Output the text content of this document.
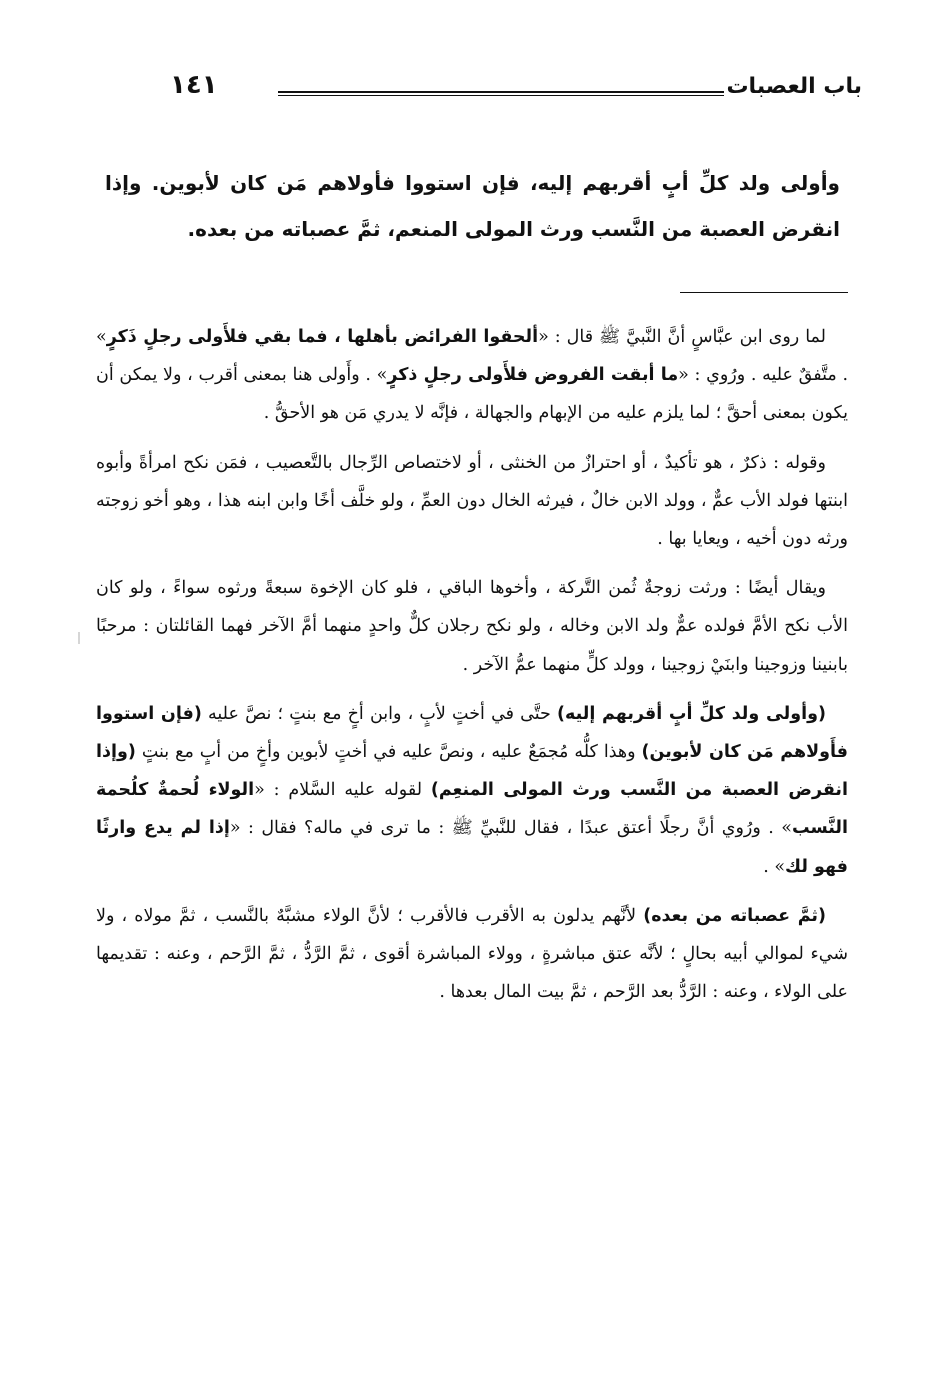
باب العصبات
١٤١
وأولى ولد كلِّ أبٍ أقربهم إليه، فإن استووا فأولاهم مَن كان لأبوين. وإذا انقرض العصبة من النَّسب ورث المولى المنعم، ثمَّ عصباته من بعده.

لما روى ابن عبَّاسٍ أنَّ النَّبيَّ ﷺ قال : «ألحقوا الفرائض بأهلها ، فما بقي فلأَولى رجلٍ ذَكرٍ» . متَّفقٌ عليه . ورُوي : «ما أبقت الفروض فلأَولى رجلٍ ذكرٍ» . وأَولى هنا بمعنى أقرب ، ولا يمكن أن يكون بمعنى أحقَّ ؛ لما يلزم عليه من الإبهام والجهالة ، فإنَّه لا يدري مَن هو الأحقُّ .

وقوله : ذكرٌ ، هو تأكيدٌ ، أو احترازٌ من الخنثى ، أو لاختصاص الرِّجال بالتَّعصيب ، فمَن نكح امرأةً وأبوه ابنتها فولد الأب عمٌّ ، وولد الابن خالٌ ، فيرثه الخال دون العمِّ ، ولو خلَّف أخًا وابن ابنه هذا ، وهو أخو زوجته ورثه دون أخيه ، ويعايا بها .

ويقال أيضًا : ورثت زوجةٌ ثُمن التَّركة ، وأخوها الباقي ، فلو كان الإخوة سبعةً ورثوه سواءً ، ولو كان الأب نكح الأمَّ فولده عمٌّ ولد الابن وخاله ، ولو نكح رجلان كلٌّ واحدٍ منهما أمَّ الآخر فهما القائلتان : مرحبًا بابنينا وزوجينا وابنَيْ زوجينا ، وولد كلٍّ منهما عمُّ الآخر .

(وأولى ولد كلِّ أبٍ أقربهم إليه) حتَّى في أختٍ لأبٍ ، وابن أخٍ مع بنتٍ ؛ نصَّ عليه (فإن استووا فأَولاهم مَن كان لأبوين) وهذا كلُّه مُجمَعٌ عليه ، ونصَّ عليه في أختٍ لأبوين وأخٍ من أبٍ مع بنتٍ (وإذا انقرض العصبة من النَّسب ورث المولى المنعِم) لقوله عليه السَّلام : «الولاء لُحمةٌ كلُحمة النَّسب» . ورُوي أنَّ رجلًا أعتق عبدًا ، فقال للنَّبيِّ ﷺ : ما ترى في ماله؟ فقال : «إذا لم يدع وارثًا فهو لك» .

(ثمَّ عصباته من بعده) لأنَّهم يدلون به الأقرب فالأقرب ؛ لأنَّ الولاء مشبَّهٌ بالنَّسب ، ثمَّ مولاه ، ولا شيء لموالي أبيه بحالٍ ؛ لأنَّه عتق مباشرةٍ ، وولاء المباشرة أقوى ، ثمَّ الرَّدُّ ، ثمَّ الرَّحم ، وعنه : تقديمها على الولاء ، وعنه : الرَّدُّ بعد الرَّحم ، ثمَّ بيت المال بعدها .
